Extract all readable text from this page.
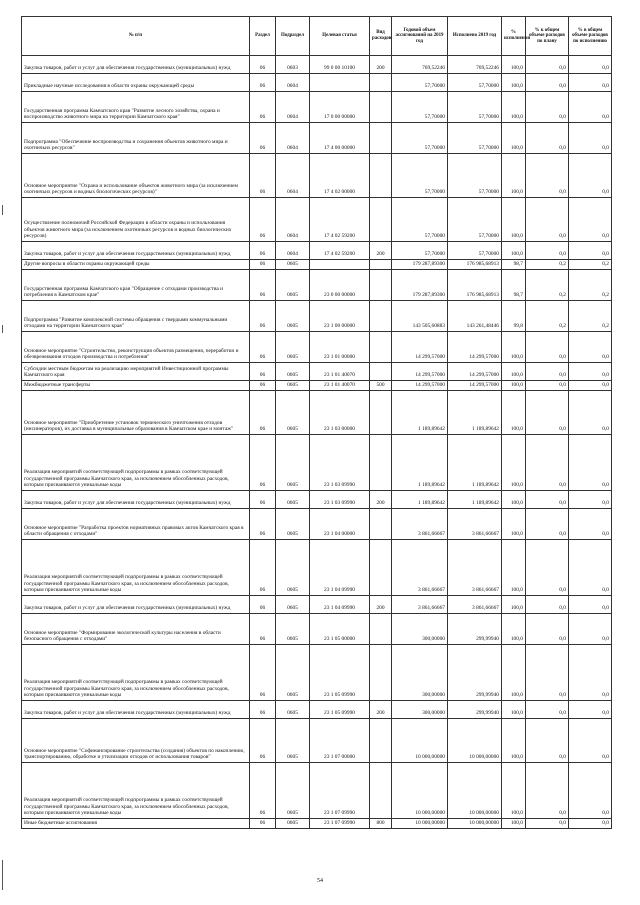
№ п/п	Раздел	Подраздел	Целевая статья	Вид расходов	Годовой объем ассигнований на 2019 год	Исполнено 2019 год	% исполнения	% к общем объеме расходов по плану	% в общем объеме расходов по исполнению
Закупка товаров, работ и услуг для обеспечения государственных (муниципальных) нужд	06	0603	99 0 00 10100	200	769,52246	769,52246	100,0	0,0	0,0
Прикладные научные исследования в области охраны окружающей среды	06	0604			57,70000	57,70000	100,0	0,0	0,0
Государственная программа Камчатского края "Развитие лесного хозяйства, охрана и воспроизводство животного мира на территории Камчатского края"	06	0604	17 0 00 00000		57,70000	57,70000	100,0	0,0	0,0
Подпрограмма "Обеспечение воспроизводства и сохранения объектов животного мира и охотничьих ресурсов"	06	0604	17 4 00 00000		57,70000	57,70000	100,0	0,0	0,0
Основное мероприятие "Охрана и использование объектов животного мира (за исключением охотничьих ресурсов и водных биологических ресурсов)"	06	0604	17 4 02 00000		57,70000	57,70000	100,0	0,0	0,0
Осуществление полномочий Российской Федерации в области охраны и использования объектов животного мира (за исключением охотничьих ресурсов и водных биологических ресурсов)	06	0604	17 4 02 59200		57,70000	57,70000	100,0	0,0	0,0
Закупка товаров, работ и услуг для обеспечения государственных (муниципальных) нужд	06	0604	17 4 02 59200	200	57,70000	57,70000	100,0	0,0	0,0
Другие вопросы в области охраны окружающей среды	06	0605			179 287,89300	176 985,68913	98,7	0,2	0,2
Государственная программа Камчатского края "Обращение с отходами производства и потребления в Камчатском крае"	06	0605	23 0 00 00000		179 287,89300	176 985,68913	98,7	0,2	0,2
Подпрограмма "Развитие комплексной системы обращения с твердыми коммунальными отходами на территории Камчатского края"	06	0605	23 1 00 00000		143 505,60883	143 261,48446	99,8	0,2	0,2
Основное мероприятие "Строительство, реконструкция объектов размещения, переработки и обезвреживания отходов производства и потребления"	06	0605	23 1 01 00000		14 299,57000	14 299,57000	100,0	0,0	0,0
Субсидии местным бюджетам на реализацию мероприятий Инвестиционной программы Камчатского края	06	0605	23 1 01 40070		14 299,57000	14 299,57000	100,0	0,0	0,0
Межбюджетные трансферты	06	0605	23 1 01 40070	500	14 299,57000	14 299,57000	100,0	0,0	0,0
Основное мероприятие "Приобретение установок термического уничтожения отходов (инсинераторов), их доставка в муниципальные образования в Камчатском крае и монтаж"	06	0605	23 1 03 00000		1 189,89642	1 189,89642	100,0	0,0	0,0
Реализация мероприятий соответствующей подпрограммы в рамках соответствующей государственной программы Камчатского края, за исключением обособленных расходов, которым присваиваются уникальные коды	06	0605	23 1 03 09990		1 189,89642	1 189,89642	100,0	0,0	0,0
Закупка товаров, работ и услуг для обеспечения государственных (муниципальных) нужд	06	0605	23 1 03 09990	200	1 189,89642	1 189,89642	100,0	0,0	0,0
Основное мероприятие "Разработка проектов нормативных правовых актов Камчатского края в области обращения с отходами"	06	0605	23 1 04 00000		3 861,66667	3 861,66667	100,0	0,0	0,0
Реализация мероприятий соответствующей подпрограммы в рамках соответствующей государственной программы Камчатского края, за исключением обособленных расходов, которым присваиваются уникальные коды	06	0605	23 1 04 09990		3 861,66667	3 861,66667	100,0	0,0	0,0
Закупка товаров, работ и услуг для обеспечения государственных (муниципальных) нужд	06	0605	23 1 04 09990	200	3 861,66667	3 861,66667	100,0	0,0	0,0
Основное мероприятие "Формирование экологической культуры населения в области безопасного обращения с отходами"	06	0605	23 1 05 00000		300,00000	299,99940	100,0	0,0	0,0
Реализация мероприятий соответствующей подпрограммы в рамках соответствующей государственной программы Камчатского края, за исключением обособленных расходов, которым присваиваются уникальные коды	06	0605	23 1 05 09990		300,00000	299,99940	100,0	0,0	0,0
Закупка товаров, работ и услуг для обеспечения государственных (муниципальных) нужд	06	0605	23 1 05 09990	200	300,00000	299,99940	100,0	0,0	0,0
Основное мероприятие "Софинансирование строительства (создания) объектов по накоплению, транспортированию, обработке и утилизации отходов от использования товаров"	06	0605	23 1 07 00000		10 000,00000	10 000,00000	100,0	0,0	0,0
Реализация мероприятий соответствующей подпрограммы в рамках соответствующей государственной программы Камчатского края, за исключением обособленных расходов, которым присваиваются уникальные коды	06	0605	23 1 07 09990		10 000,00000	10 000,00000	100,0	0,0	0,0
Иные бюджетные ассигнования	06	0605	23 1 07 09990	800	10 000,00000	10 000,00000	100,0	0,0	0,0
54
